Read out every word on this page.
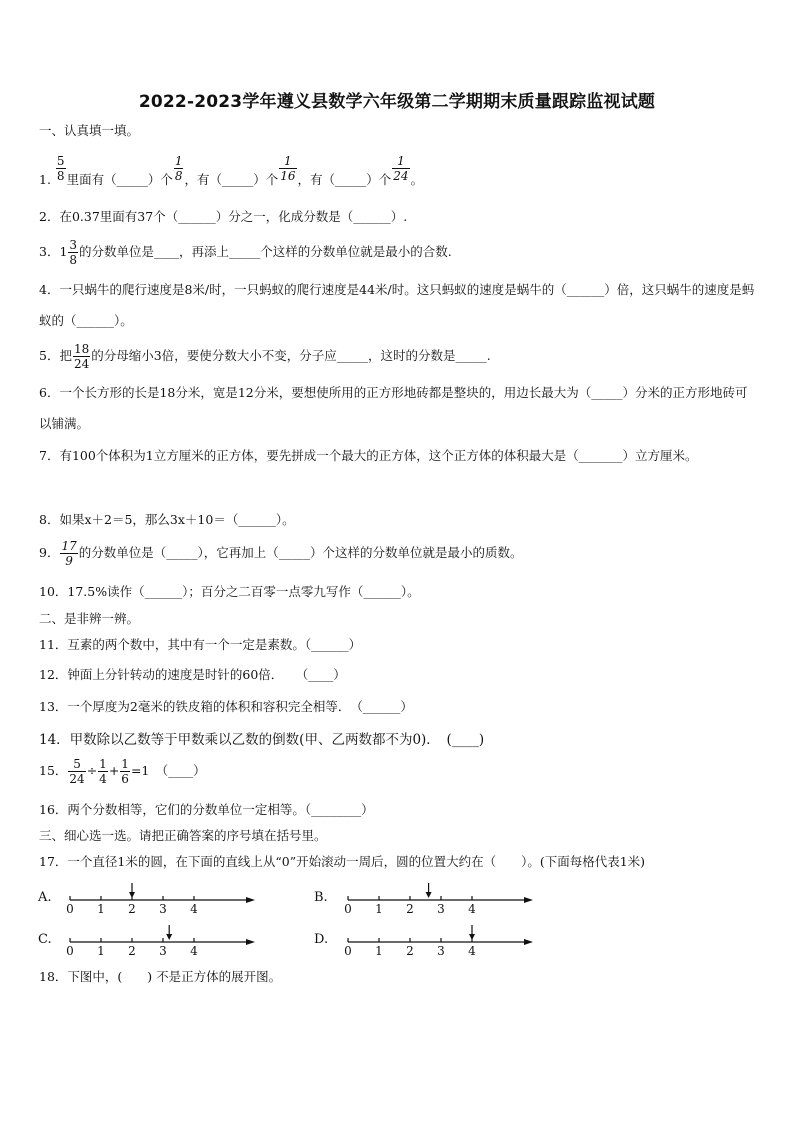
2022-2023学年遵义县数学六年级第二学期期末质量跟踪监视试题
一、认真填一填。
1. $\frac{5}{8}$ 里面有（_____）个 $\frac{1}{8}$ ，有（_____）个 $\frac{1}{16}$ ，有（_____）个 $\frac{1}{24}$ 。
2．在0.37里面有37个（______）分之一，化成分数是（______）.
3．$1 \frac{3}{8}$ 的分数单位是____，再添上_____个这样的分数单位就是最小的合数.
4．一只蜗牛的爬行速度是8米/时，一只蚂蚁的爬行速度是44米/时。这只蚂蚁的速度是蜗牛的（______）倍，这只蜗牛的速度是蚂蚁的（______）。
5．把 $\frac{18}{24}$ 的分母缩小3倍，要使分数大小不变，分子应_____，这时的分数是_____.
6．一个长方形的长是18分米，宽是12分米，要想使所用的正方形地砖都是整块的，用边长最大为（_____）分米的正方形地砖可以铺满。
7．有100个体积为1立方厘米的正方体，要先拼成一个最大的正方体，这个正方体的体积最大是（_______）立方厘米。
8．如果x＋2＝5，那么3x＋10＝（______）。
9． $\frac{17}{9}$ 的分数单位是（_____），它再加上（_____）个这样的分数单位就是最小的质数。
10．17.5%读作（______）；百分之二百零一点零九写作（______）。
二、是非辨一辨。
11．互素的两个数中，其中有一个一定是素数。（______）
12．钟面上分针转动的速度是时针的60倍．　　（____）
13．一个厚度为2毫米的铁皮箱的体积和容积完全相等．　（______）
14．甲数除以乙数等于甲数乘以乙数的倒数(甲、乙两数都不为0)．　(____)
15． $\frac{5}{24} \div \frac{1}{4} + \frac{1}{6} =1$　（____）
16．两个分数相等，它们的分数单位一定相等。（________）
三、细心选一选。请把正确答案的序号填在括号里。
17．一个直径1米的圆，在下面的直线上从“0”开始滚动一周后，圆的位置大约在（　　）。(下面每格代表1米)
A.	B.
C.	D.
0 1 2 3 4	0 1 2 3 4
0 1 2 3 4	0 1 2 3 4
18．下图中，(　　) 不是正方体的展开图。
